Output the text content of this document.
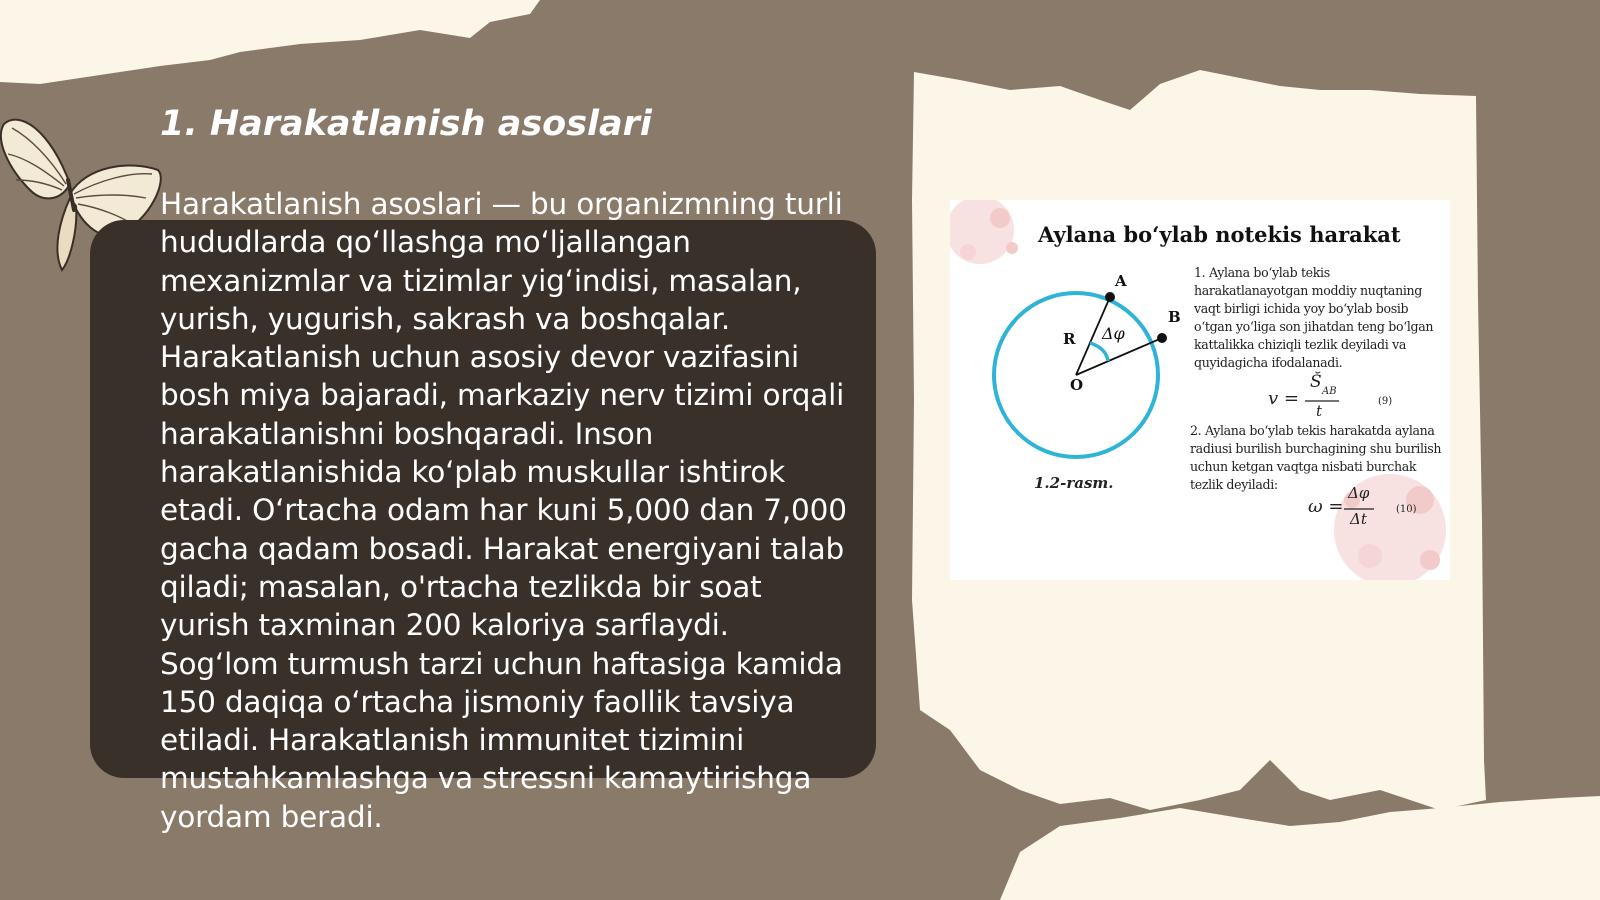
1. Harakatlanish asoslari

Harakatlanish asoslari — bu organizmning turli hududlarda qo‘llashga mo‘ljallangan mexanizmlar va tizimlar yig‘indisi, masalan, yurish, yugurish, sakrash va boshqalar. Harakatlanish uchun asosiy devor vazifasini bosh miya bajaradi, markaziy nerv tizimi orqali harakatlanishni boshqaradi. Inson harakatlanishida ko‘plab muskullar ishtirok etadi. O‘rtacha odam har kuni 5,000 dan 7,000 gacha qadam bosadi. Harakat energiyani talab qiladi; masalan, o'rtacha tezlikda bir soat yurish taxminan 200 kaloriya sarflaydi. Sog‘lom turmush tarzi uchun haftasiga kamida 150 daqiqa o‘rtacha jismoniy faollik tavsiya etiladi. Harakatlanish immunitet tizimini mustahkamlashga va stressni kamaytirishga yordam beradi.

Aylana bo‘ylab notekis harakat
A
B
R
O
Δφ

1. Aylana bo‘ylab tekis harakatlanayotgan moddiy nuqtaning vaqt birligi ichida yoy bo‘ylab bosib o‘tgan yo‘liga son jihatdan teng bo‘lgan kattalikka chiziqli tezlik deyiladi va quyidagicha ifodalanadi.

v =
S̆ AB
t
(9)

2. Aylana bo‘ylab tekis harakatda aylana radiusi burilish burchagining shu burilish uchun ketgan vaqtga nisbati burchak tezlik deyiladi:

ω =
Δφ
Δt
(10)
1.2-rasm.
